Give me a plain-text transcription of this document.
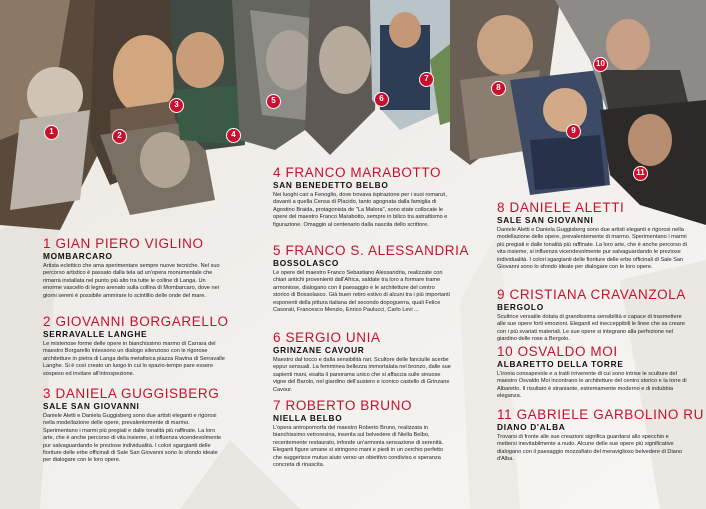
1	2
3
4
5	6
7
8
9
10
11
1 GIAN PIERO VIGLINO
MOMBARCARO
Artista eclettico che ama sperimentare sempre nuove tecniche. Nel suo percorso artistico è passato dalla tela ad un'opera monumentale che rimarrà installata nel punto più alto tra tutte le colline di Langa. Un enorme vascello di legno arenato sulla collina di Mombarcaro, dove nei giorni sereni è possibile ammirare lo scintillio delle onde del mare.
2 GIOVANNI BORGARELLO
SERRAVALLE LANGHE
Le misteriose forme delle opere in bianchissimo marmo di Carrara del maestro Borgarello intessono un dialogo silenzioso con le rigorose architetture in pietra di Langa della metafisica piazza Ravina di Serravalle Langhe. Si è così creato un luogo in cui lo spazio-tempo pare essere sospeso ed invitare all'introspezione.
3 DANIELA GUGGISBERG
SALE SAN GIOVANNI
Daniele Aletti e Daniela Guggisberg sono due artisti eleganti e rigorosi nella modellazione delle opere, prevalentemente di marmo. Sperimentano i marmi più pregiati e dalle tonalità più raffinate. La loro arte, che è anche percorso di vita insieme, si influenza vicendevolmente pur salvaguardando le preziose individualità. I colori sgargianti delle fioriture delle erbe officinali di Sale San Giovanni sono lo sfondo ideale per dialogare con le loro opere.
4 FRANCO MARABOTTO
SAN BENEDETTO BELBO
Nei luoghi cari a Fenoglio, dove trovava ispirazione per i suoi romanzi, davanti a quella Censa di Placido, tanto agognata dalla famiglia di Agostino Braida, protagonista de "La Malora", sono state collocate le opere del maestro Franco Marabotto, sempre in bilico tra astrattismo e figurazione. Omaggio al centenario dalla nascita dello scrittore.
5 FRANCO S. ALESSANDRIA
BOSSOLASCO
Le opere del maestro Franco Sebastiano Alessandria, realizzate con chiari antichi provenienti dall'Africa, saldate tra loro a formare trame armoniose, dialogano con il paesaggio e le architetture del centro storico di Bossolasco. Già buen retiro estivo di alcuni tra i più importanti esponenti della pittura italiana del secondo dopoguerra, quali Felice Casorati, Francesco Menzio, Enrico Paulucci, Carlo Levi ...
6 SERGIO UNIA
GRINZANE CAVOUR
Maestro dal tocco e dalla sensibilità rari. Scultore delle fanciulle acerbe eppur sensuali. La femminea bellezza immortalata nel bronzo, dalle sue sapienti mani, esalta il panorama unico che si affaccia sulle sinuose vigne del Barolo, nel giardino dell'austero e iconico castello di Grinzane Cavour.
7 ROBERTO BRUNO
NIELLA BELBO
L'opera antropomorfa del maestro Roberto Bruno, realizzata in bianchissimo vetroresina, inserita sul belvedere di Niella Belbo, recentemente restaurato, infonde un'armonia sensazione di serenità. Eleganti figure umane si stringono mani e piedi in un cerchio perfetto che suggerisce mutuo aiuto verso un obiettivo condiviso e speranza concreta di rinascita.
8 DANIELE ALETTI
SALE SAN GIOVANNI
Daniele Aletti e Daniela Guggisberg sono due artisti eleganti e rigorosi nella modellazione delle opere, prevalentemente di marmo. Sperimentano i marmi più pregiati e dalle tonalità più raffinate. La loro arte, che è anche percorso di vita insieme, si influenza vicendevolmente pur salvaguardando le preziose individualità. I colori sgargianti delle fioriture delle erbe officinali di Sale San Giovanni sono lo sfondo ideale per dialogare con le loro opere.
9 CRISTIANA CRAVANZOLA
BERGOLO
Scultrice versatile dotata di grandissima sensibilità e capace di trasmettere alle sue opere forti emozioni. Eleganti ed inecceppibili le linee che sa creare con i più svariati materiali. Le sue opere si integrano alla perfezione nel giardino delle rose a Bergolo.
10 OSVALDO MOI
ALBARETTO DELLA TORRE
L'ironia consapevole e a tratti irriverente di cui sono intrise le sculture del maestro Osvaldo Moi incontrano le architetture del centro storico e la torre di Albaretto. Il risultato è straniante, estremamente moderno e di indubbia eleganza.
11 GABRIELE GARBOLINO RU
DIANO D'ALBA
Trovarsi di fronte alle sue creazioni significa guardarsi allo specchio e mettersi inevitabilmente a nudo. Alcune delle sue opere più significative dialogano con il paesaggio mozzafiato del meraviglioso belvedere di Diano d'Alba.
